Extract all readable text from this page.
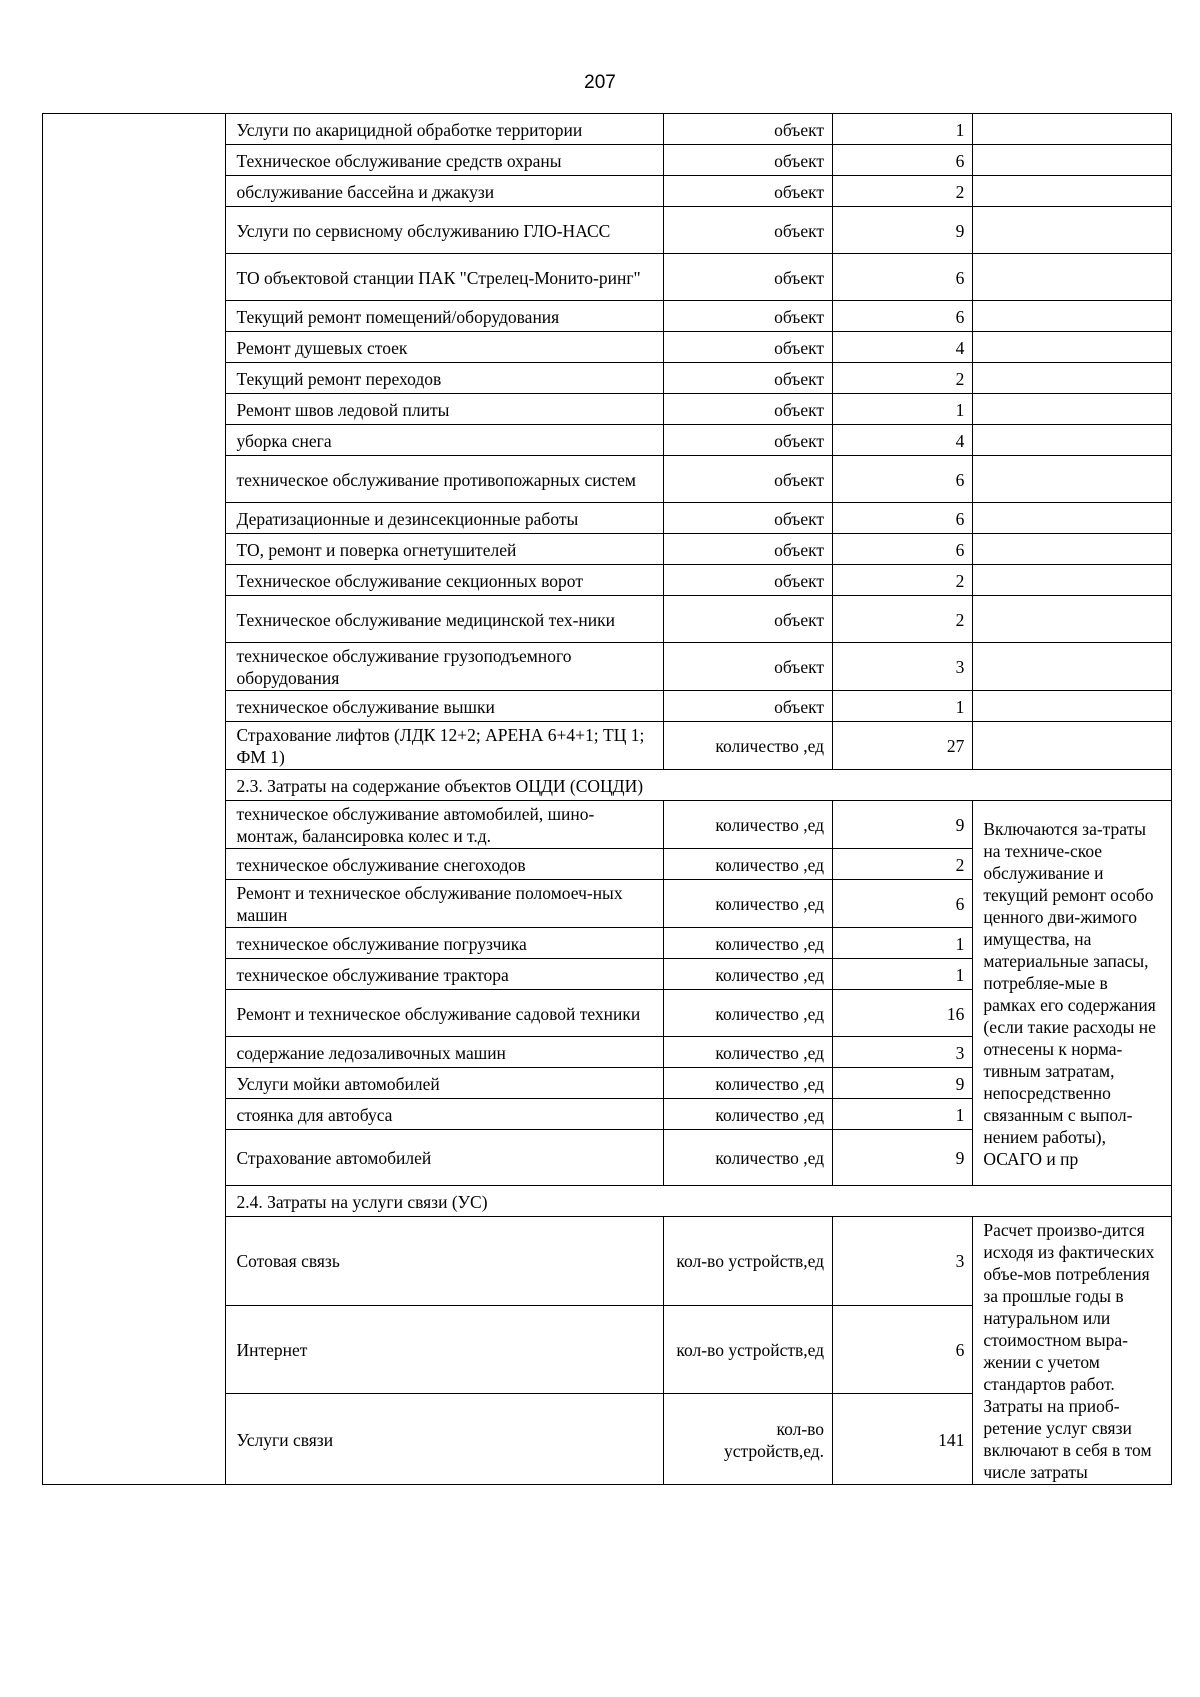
207
	Услуги по акарицидной обработке территории	объект	1	
	Техническое обслуживание средств охраны	объект	6	
	обслуживание бассейна и джакузи	объект	2	
	Услуги по сервисному обслуживанию ГЛО-НАСС	объект	9	
	ТО объектовой станции ПАК "Стрелец-Монито-ринг"	объект	6	
	Текущий ремонт помещений/оборудования	объект	6	
	Ремонт душевых стоек	объект	4	
	Текущий ремонт переходов	объект	2	
	Ремонт швов ледовой плиты	объект	1	
	уборка снега	объект	4	
	техническое обслуживание противопожарных систем	объект	6	
	Дератизационные и дезинсекционные работы	объект	6	
	ТО, ремонт и поверка огнетушителей	объект	6	
	Техническое обслуживание секционных ворот	объект	2	
	Техническое обслуживание медицинской тех-ники	объект	2	
	техническое обслуживание грузоподъемного оборудования	объект	3	
	техническое обслуживание вышки	объект	1	
	Страхование лифтов (ЛДК 12+2; АРЕНА 6+4+1; ТЦ 1; ФМ 1)	количество ,ед	27	
	2.3. Затраты на содержание объектов ОЦДИ (СОЦДИ)			
	техническое обслуживание автомобилей, шино-монтаж, балансировка колес и т.д.	количество ,ед	9	Включаются за-траты на техниче-ское обслуживание и текущий ремонт особо ценного дви-жимого имущества, на материальные запасы, потребляе-мые в рамках его содержания (если такие расходы не отнесены к норма-тивным затратам, непосредственно связанным с выпол-нением работы), ОСАГО и пр
	техническое обслуживание снегоходов	количество ,ед	2	
	Ремонт и техническое обслуживание поломоеч-ных машин	количество ,ед	6	
	техническое обслуживание погрузчика	количество ,ед	1	
	техническое обслуживание трактора	количество ,ед	1	
	Ремонт и техническое обслуживание садовой техники	количество ,ед	16	
	содержание ледозаливочных машин	количество ,ед	3	
	Услуги мойки автомобилей	количество ,ед	9	
	стоянка для автобуса	количество ,ед	1	
	Страхование автомобилей	количество ,ед	9	
	2.4. Затраты на услуги связи (УС)			
	Сотовая связь	кол-во устройств,ед	3	Расчет произво-дится исходя из фактических объе-мов потребления за прошлые годы в натуральном или стоимостном выра-жении с учетом стандартов работ. Затраты на приоб-ретение услуг связи включают в себя в том числе затраты
	Интернет	кол-во устройств,ед	6	
	Услуги связи	кол-во устройств,ед.	141	
